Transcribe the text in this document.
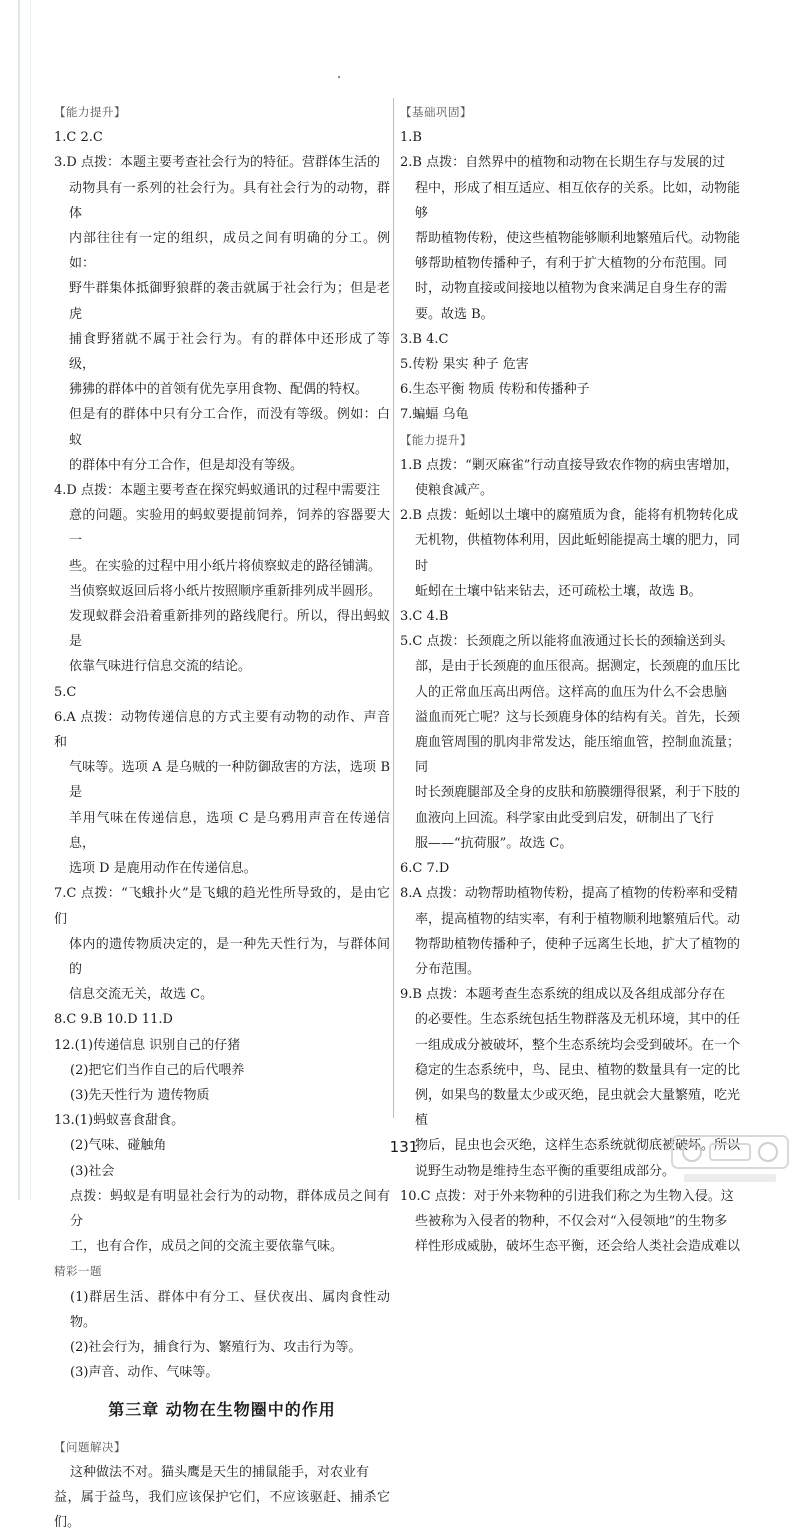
【能力提升】

1.C 2.C

3.D 点拨：本题主要考查社会行为的特征。营群体生活的

动物具有一系列的社会行为。具有社会行为的动物，群体

内部往往有一定的组织，成员之间有明确的分工。例如：

野牛群集体抵御野狼群的袭击就属于社会行为；但是老虎

捕食野猪就不属于社会行为。有的群体中还形成了等级，

狒狒的群体中的首领有优先享用食物、配偶的特权。

但是有的群体中只有分工合作，而没有等级。例如：白蚁

的群体中有分工合作，但是却没有等级。

4.D 点拨：本题主要考查在探究蚂蚁通讯的过程中需要注

意的问题。实验用的蚂蚁要提前饲养，饲养的容器要大一

些。在实验的过程中用小纸片将侦察蚁走的路径铺满。

当侦察蚁返回后将小纸片按照顺序重新排列成半圆形。

发现蚁群会沿着重新排列的路线爬行。所以，得出蚂蚁是

依靠气味进行信息交流的结论。

5.C

6.A 点拨：动物传递信息的方式主要有动物的动作、声音和

气味等。选项 A 是乌贼的一种防御敌害的方法，选项 B 是

羊用气味在传递信息，选项 C 是乌鸦用声音在传递信息，

选项 D 是鹿用动作在传递信息。

7.C 点拨：“飞蛾扑火”是飞蛾的趋光性所导致的，是由它们

体内的遗传物质决定的，是一种先天性行为，与群体间的

信息交流无关，故选 C。

8.C 9.B 10.D 11.D

12.(1)传递信息 识别自己的仔猪

(2)把它们当作自己的后代喂养

(3)先天性行为 遗传物质

13.(1)蚂蚁喜食甜食。

(2)气味、碰触角

(3)社会

点拨：蚂蚁是有明显社会行为的动物，群体成员之间有分

工，也有合作，成员之间的交流主要依靠气味。

精彩一题

(1)群居生活、群体中有分工、昼伏夜出、属肉食性动物。

(2)社会行为，捕食行为、繁殖行为、攻击行为等。

(3)声音、动作、气味等。

第三章 动物在生物圈中的作用
【问题解决】

这种做法不对。猫头鹰是天生的捕鼠能手，对农业有

益，属于益鸟，我们应该保护它们，不应该驱赶、捕杀它们。

【基础巩固】

1.B

2.B 点拨：自然界中的植物和动物在长期生存与发展的过

程中，形成了相互适应、相互依存的关系。比如，动物能够

帮助植物传粉，使这些植物能够顺利地繁殖后代。动物能

够帮助植物传播种子，有利于扩大植物的分布范围。同

时，动物直接或间接地以植物为食来满足自身生存的需

要。故选 B。

3.B 4.C

5.传粉 果实 种子 危害

6.生态平衡 物质 传粉和传播种子

7.蝙蝠 乌龟

【能力提升】

1.B 点拨：“剿灭麻雀”行动直接导致农作物的病虫害增加，

使粮食减产。

2.B 点拨：蚯蚓以土壤中的腐殖质为食，能将有机物转化成

无机物，供植物体利用，因此蚯蚓能提高土壤的肥力，同时

蚯蚓在土壤中钻来钻去，还可疏松土壤，故选 B。

3.C 4.B

5.C 点拨：长颈鹿之所以能将血液通过长长的颈输送到头

部，是由于长颈鹿的血压很高。据测定，长颈鹿的血压比

人的正常血压高出两倍。这样高的血压为什么不会患脑

溢血而死亡呢？这与长颈鹿身体的结构有关。首先，长颈

鹿血管周围的肌肉非常发达，能压缩血管，控制血流量；同

时长颈鹿腿部及全身的皮肤和筋膜绷得很紧，利于下肢的

血液向上回流。科学家由此受到启发，研制出了飞行

服——“抗荷服”。故选 C。

6.C 7.D

8.A 点拨：动物帮助植物传粉，提高了植物的传粉率和受精

率，提高植物的结实率，有利于植物顺利地繁殖后代。动

物帮助植物传播种子，使种子远离生长地，扩大了植物的

分布范围。

9.B 点拨：本题考查生态系统的组成以及各组成部分存在

的必要性。生态系统包括生物群落及无机环境，其中的任

一组成成分被破坏，整个生态系统均会受到破坏。在一个

稳定的生态系统中，鸟、昆虫、植物的数量具有一定的比

例，如果鸟的数量太少或灭绝，昆虫就会大量繁殖，吃光植

物后，昆虫也会灭绝，这样生态系统就彻底被破坏。所以

说野生动物是维持生态平衡的重要组成部分。

10.C 点拨：对于外来物种的引进我们称之为生物入侵。这

些被称为入侵者的物种，不仅会对“入侵领地”的生物多

样性形成威胁，破坏生态平衡，还会给人类社会造成难以

131
